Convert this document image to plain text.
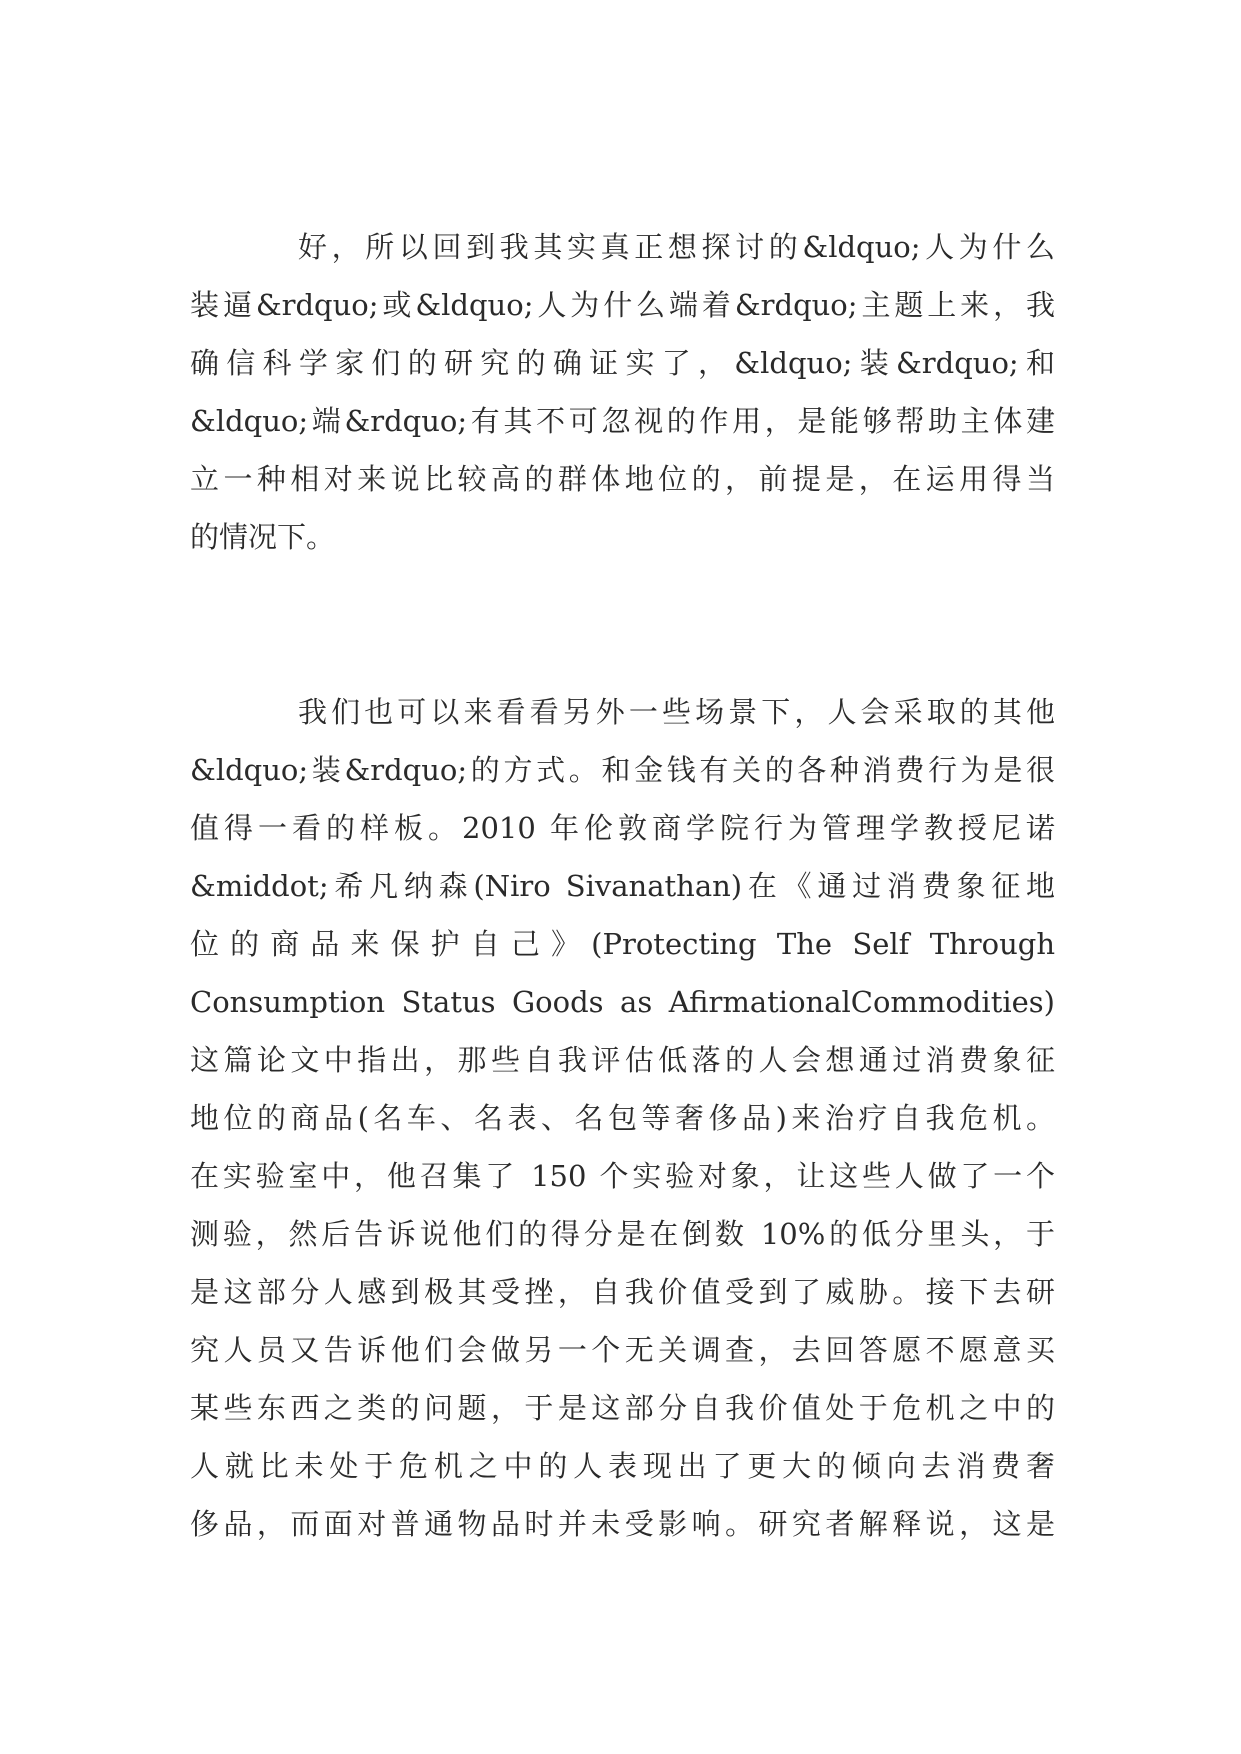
好，所以回到我其实真正想探讨的&ldquo;人为什么
装逼&rdquo;或&ldquo;人为什么端着&rdquo;主题上来，我
确信科学家们的研究的确证实了，&ldquo;装&rdquo;和
&ldquo;端&rdquo;有其不可忽视的作用，是能够帮助主体建
立一种相对来说比较高的群体地位的，前提是，在运用得当
的情况下。
我们也可以来看看另外一些场景下，人会采取的其他
&ldquo;装&rdquo;的方式。和金钱有关的各种消费行为是很
值得一看的样板。2010 年伦敦商学院行为管理学教授尼诺
&middot;希凡纳森(Niro Sivanathan)在《通过消费象征地
位的商品来保护自己》(Protecting The Self Through
Consumption Status Goods as AfirmationalCommodities)
这篇论文中指出，那些自我评估低落的人会想通过消费象征
地位的商品(名车、名表、名包等奢侈品)来治疗自我危机。
在实验室中，他召集了 150 个实验对象，让这些人做了一个
测验，然后告诉说他们的得分是在倒数 10%的低分里头，于
是这部分人感到极其受挫，自我价值受到了威胁。接下去研
究人员又告诉他们会做另一个无关调查，去回答愿不愿意买
某些东西之类的问题，于是这部分自我价值处于危机之中的
人就比未处于危机之中的人表现出了更大的倾向去消费奢
侈品，而面对普通物品时并未受影响。研究者解释说，这是
